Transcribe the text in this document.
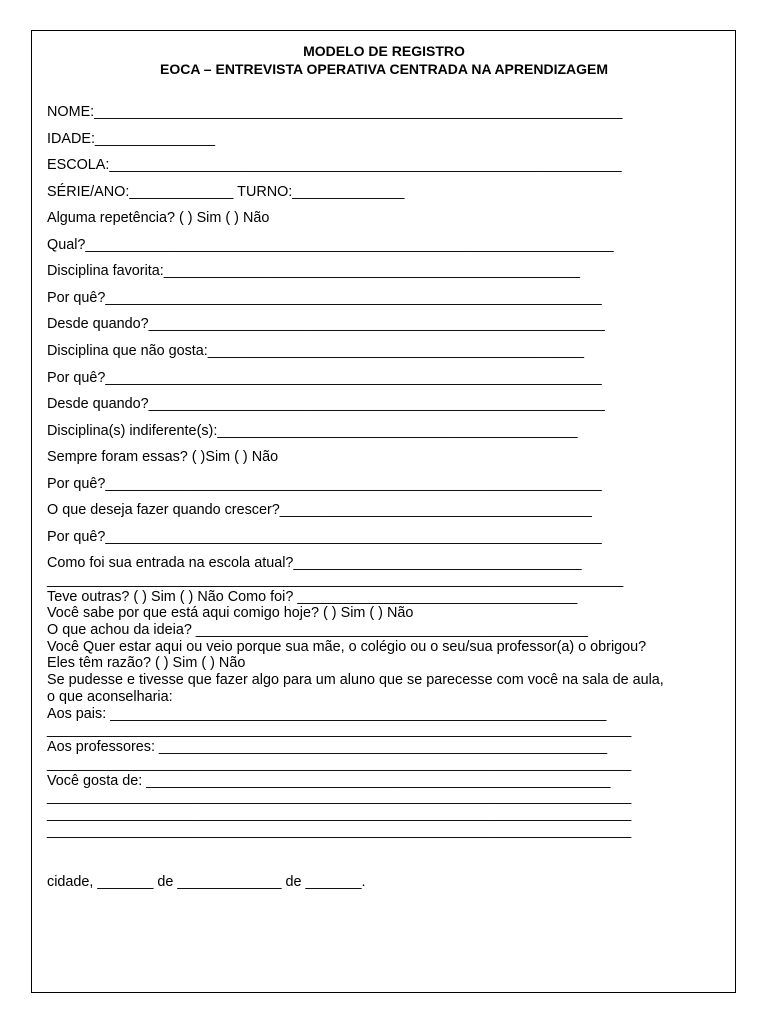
MODELO DE REGISTRO
EOCA – ENTREVISTA OPERATIVA CENTRADA NA APRENDIZAGEM
NOME:__________________________________________________________________
IDADE:_______________
ESCOLA:________________________________________________________________
SÉRIE/ANO:_____________ TURNO:______________
Alguma repetência? ( ) Sim ( ) Não
Qual?__________________________________________________________________
Disciplina favorita:____________________________________________________
Por quê?______________________________________________________________
Desde quando?_________________________________________________________
Disciplina que não gosta:_______________________________________________
Por quê?______________________________________________________________
Desde quando?_________________________________________________________
Disciplina(s) indiferente(s):_____________________________________________
Sempre foram essas? ( )Sim ( ) Não
Por quê?______________________________________________________________
O que deseja fazer quando crescer?_______________________________________
Por quê?______________________________________________________________
Como foi sua entrada na escola atual?____________________________________
________________________________________________________________________
Teve outras? ( ) Sim ( ) Não Como foi? ___________________________________
Você sabe por que está aqui comigo hoje? ( ) Sim ( ) Não
O que achou da ideia? _________________________________________________
Você Quer estar aqui ou veio porque sua mãe, o colégio ou o seu/sua professor(a) o obrigou?
Eles têm razão? ( ) Sim ( ) Não
Se pudesse e tivesse que fazer algo para um aluno que se parecesse com você na sala de aula,
o que aconselharia:
Aos pais: ______________________________________________________________
_________________________________________________________________________
Aos professores: ________________________________________________________
_________________________________________________________________________
Você gosta de: __________________________________________________________
_________________________________________________________________________
_________________________________________________________________________
_________________________________________________________________________
cidade, _______ de _____________ de _______.
